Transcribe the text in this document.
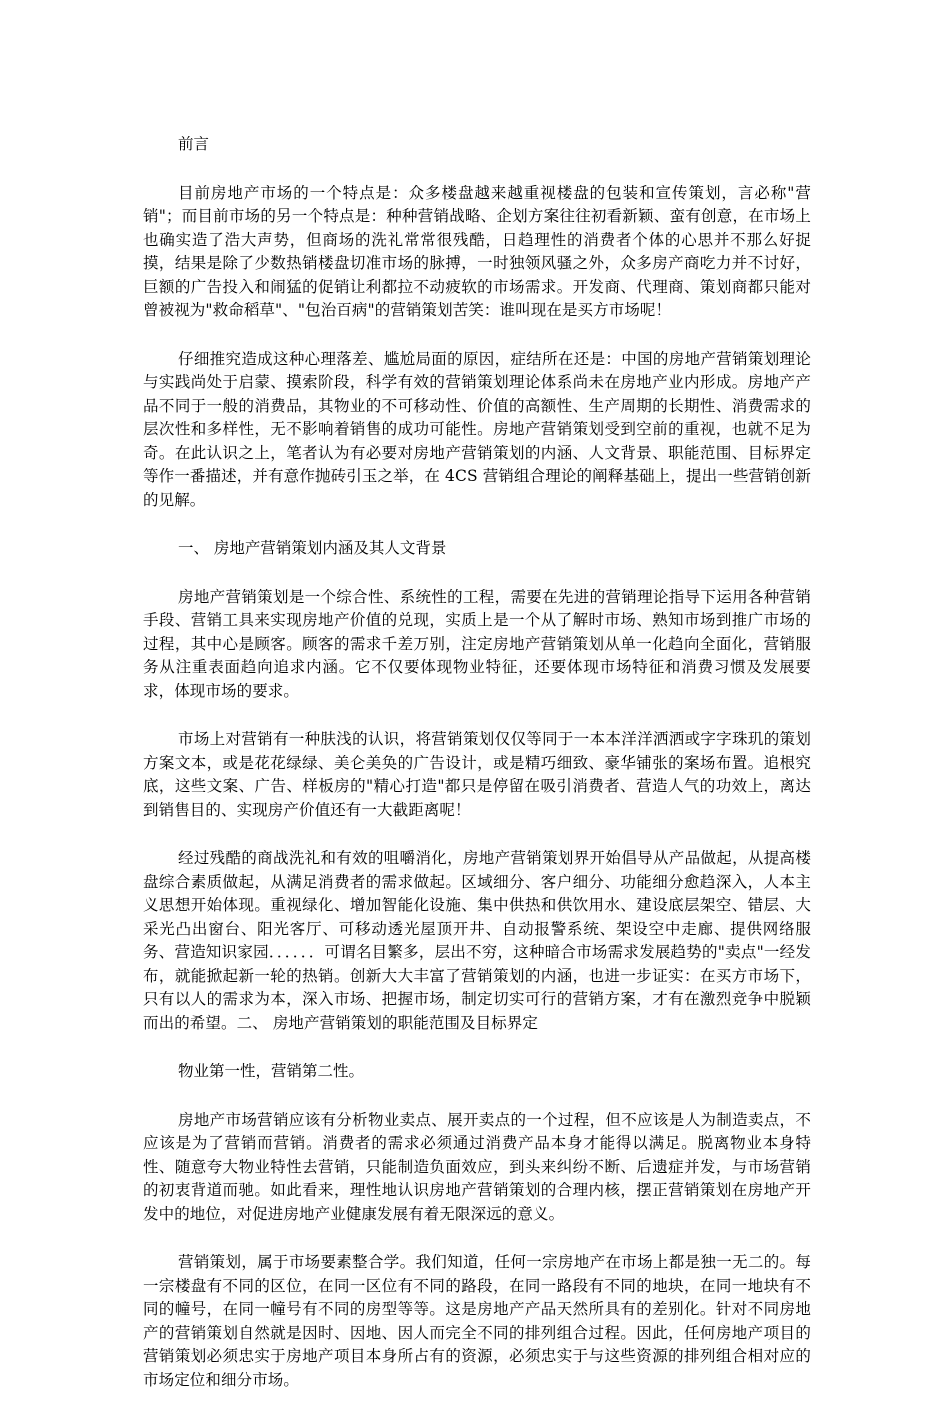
前言

目前房地产市场的一个特点是：众多楼盘越来越重视楼盘的包装和宣传策划，言必称"营销"；而目前市场的另一个特点是：种种营销战略、企划方案往往初看新颖、蛮有创意，在市场上也确实造了浩大声势，但商场的洗礼常常很残酷，日趋理性的消费者个体的心思并不那么好捉摸，结果是除了少数热销楼盘切准市场的脉搏，一时独领风骚之外，众多房产商吃力并不讨好，巨额的广告投入和闹猛的促销让利都拉不动疲软的市场需求。开发商、代理商、策划商都只能对曾被视为"救命稻草"、"包治百病"的营销策划苦笑：谁叫现在是买方市场呢！

仔细推究造成这种心理落差、尴尬局面的原因，症结所在还是：中国的房地产营销策划理论与实践尚处于启蒙、摸索阶段，科学有效的营销策划理论体系尚未在房地产业内形成。房地产产品不同于一般的消费品，其物业的不可移动性、价值的高额性、生产周期的长期性、消费需求的层次性和多样性，无不影响着销售的成功可能性。房地产营销策划受到空前的重视，也就不足为奇。在此认识之上，笔者认为有必要对房地产营销策划的内涵、人文背景、职能范围、目标界定等作一番描述，并有意作抛砖引玉之举，在 4CS 营销组合理论的阐释基础上，提出一些营销创新的见解。

一、 房地产营销策划内涵及其人文背景

房地产营销策划是一个综合性、系统性的工程，需要在先进的营销理论指导下运用各种营销手段、营销工具来实现房地产价值的兑现，实质上是一个从了解时市场、熟知市场到推广市场的过程，其中心是顾客。顾客的需求千差万别，注定房地产营销策划从单一化趋向全面化，营销服务从注重表面趋向追求内涵。它不仅要体现物业特征，还要体现市场特征和消费习惯及发展要求，体现市场的要求。

市场上对营销有一种肤浅的认识，将营销策划仅仅等同于一本本洋洋洒洒或字字珠玑的策划方案文本，或是花花绿绿、美仑美奂的广告设计，或是精巧细致、豪华铺张的案场布置。追根究底，这些文案、广告、样板房的"精心打造"都只是停留在吸引消费者、营造人气的功效上，离达到销售目的、实现房产价值还有一大截距离呢！

经过残酷的商战洗礼和有效的咀嚼消化，房地产营销策划界开始倡导从产品做起，从提高楼盘综合素质做起，从满足消费者的需求做起。区域细分、客户细分、功能细分愈趋深入，人本主义思想开始体现。重视绿化、增加智能化设施、集中供热和供饮用水、建设底层架空、错层、大采光凸出窗台、阳光客厅、可移动透光屋顶开井、自动报警系统、架设空中走廊、提供网络服务、营造知识家园．．．．．．可谓名目繁多，层出不穷，这种暗合市场需求发展趋势的"卖点"一经发布，就能掀起新一轮的热销。创新大大丰富了营销策划的内涵，也进一步证实：在买方市场下，只有以人的需求为本，深入市场、把握市场，制定切实可行的营销方案，才有在激烈竞争中脱颖而出的希望。二、 房地产营销策划的职能范围及目标界定

物业第一性，营销第二性。

房地产市场营销应该有分析物业卖点、展开卖点的一个过程，但不应该是人为制造卖点，不应该是为了营销而营销。消费者的需求必须通过消费产品本身才能得以满足。脱离物业本身特性、随意夸大物业特性去营销，只能制造负面效应，到头来纠纷不断、后遗症并发，与市场营销的初衷背道而驰。如此看来，理性地认识房地产营销策划的合理内核，摆正营销策划在房地产开发中的地位，对促进房地产业健康发展有着无限深远的意义。

营销策划，属于市场要素整合学。我们知道，任何一宗房地产在市场上都是独一无二的。每一宗楼盘有不同的区位，在同一区位有不同的路段，在同一路段有不同的地块，在同一地块有不同的幢号，在同一幢号有不同的房型等等。这是房地产产品天然所具有的差别化。针对不同房地产的营销策划自然就是因时、因地、因人而完全不同的排列组合过程。因此，任何房地产项目的营销策划必须忠实于房地产项目本身所占有的资源，必须忠实于与这些资源的排列组合相对应的市场定位和细分市场。
